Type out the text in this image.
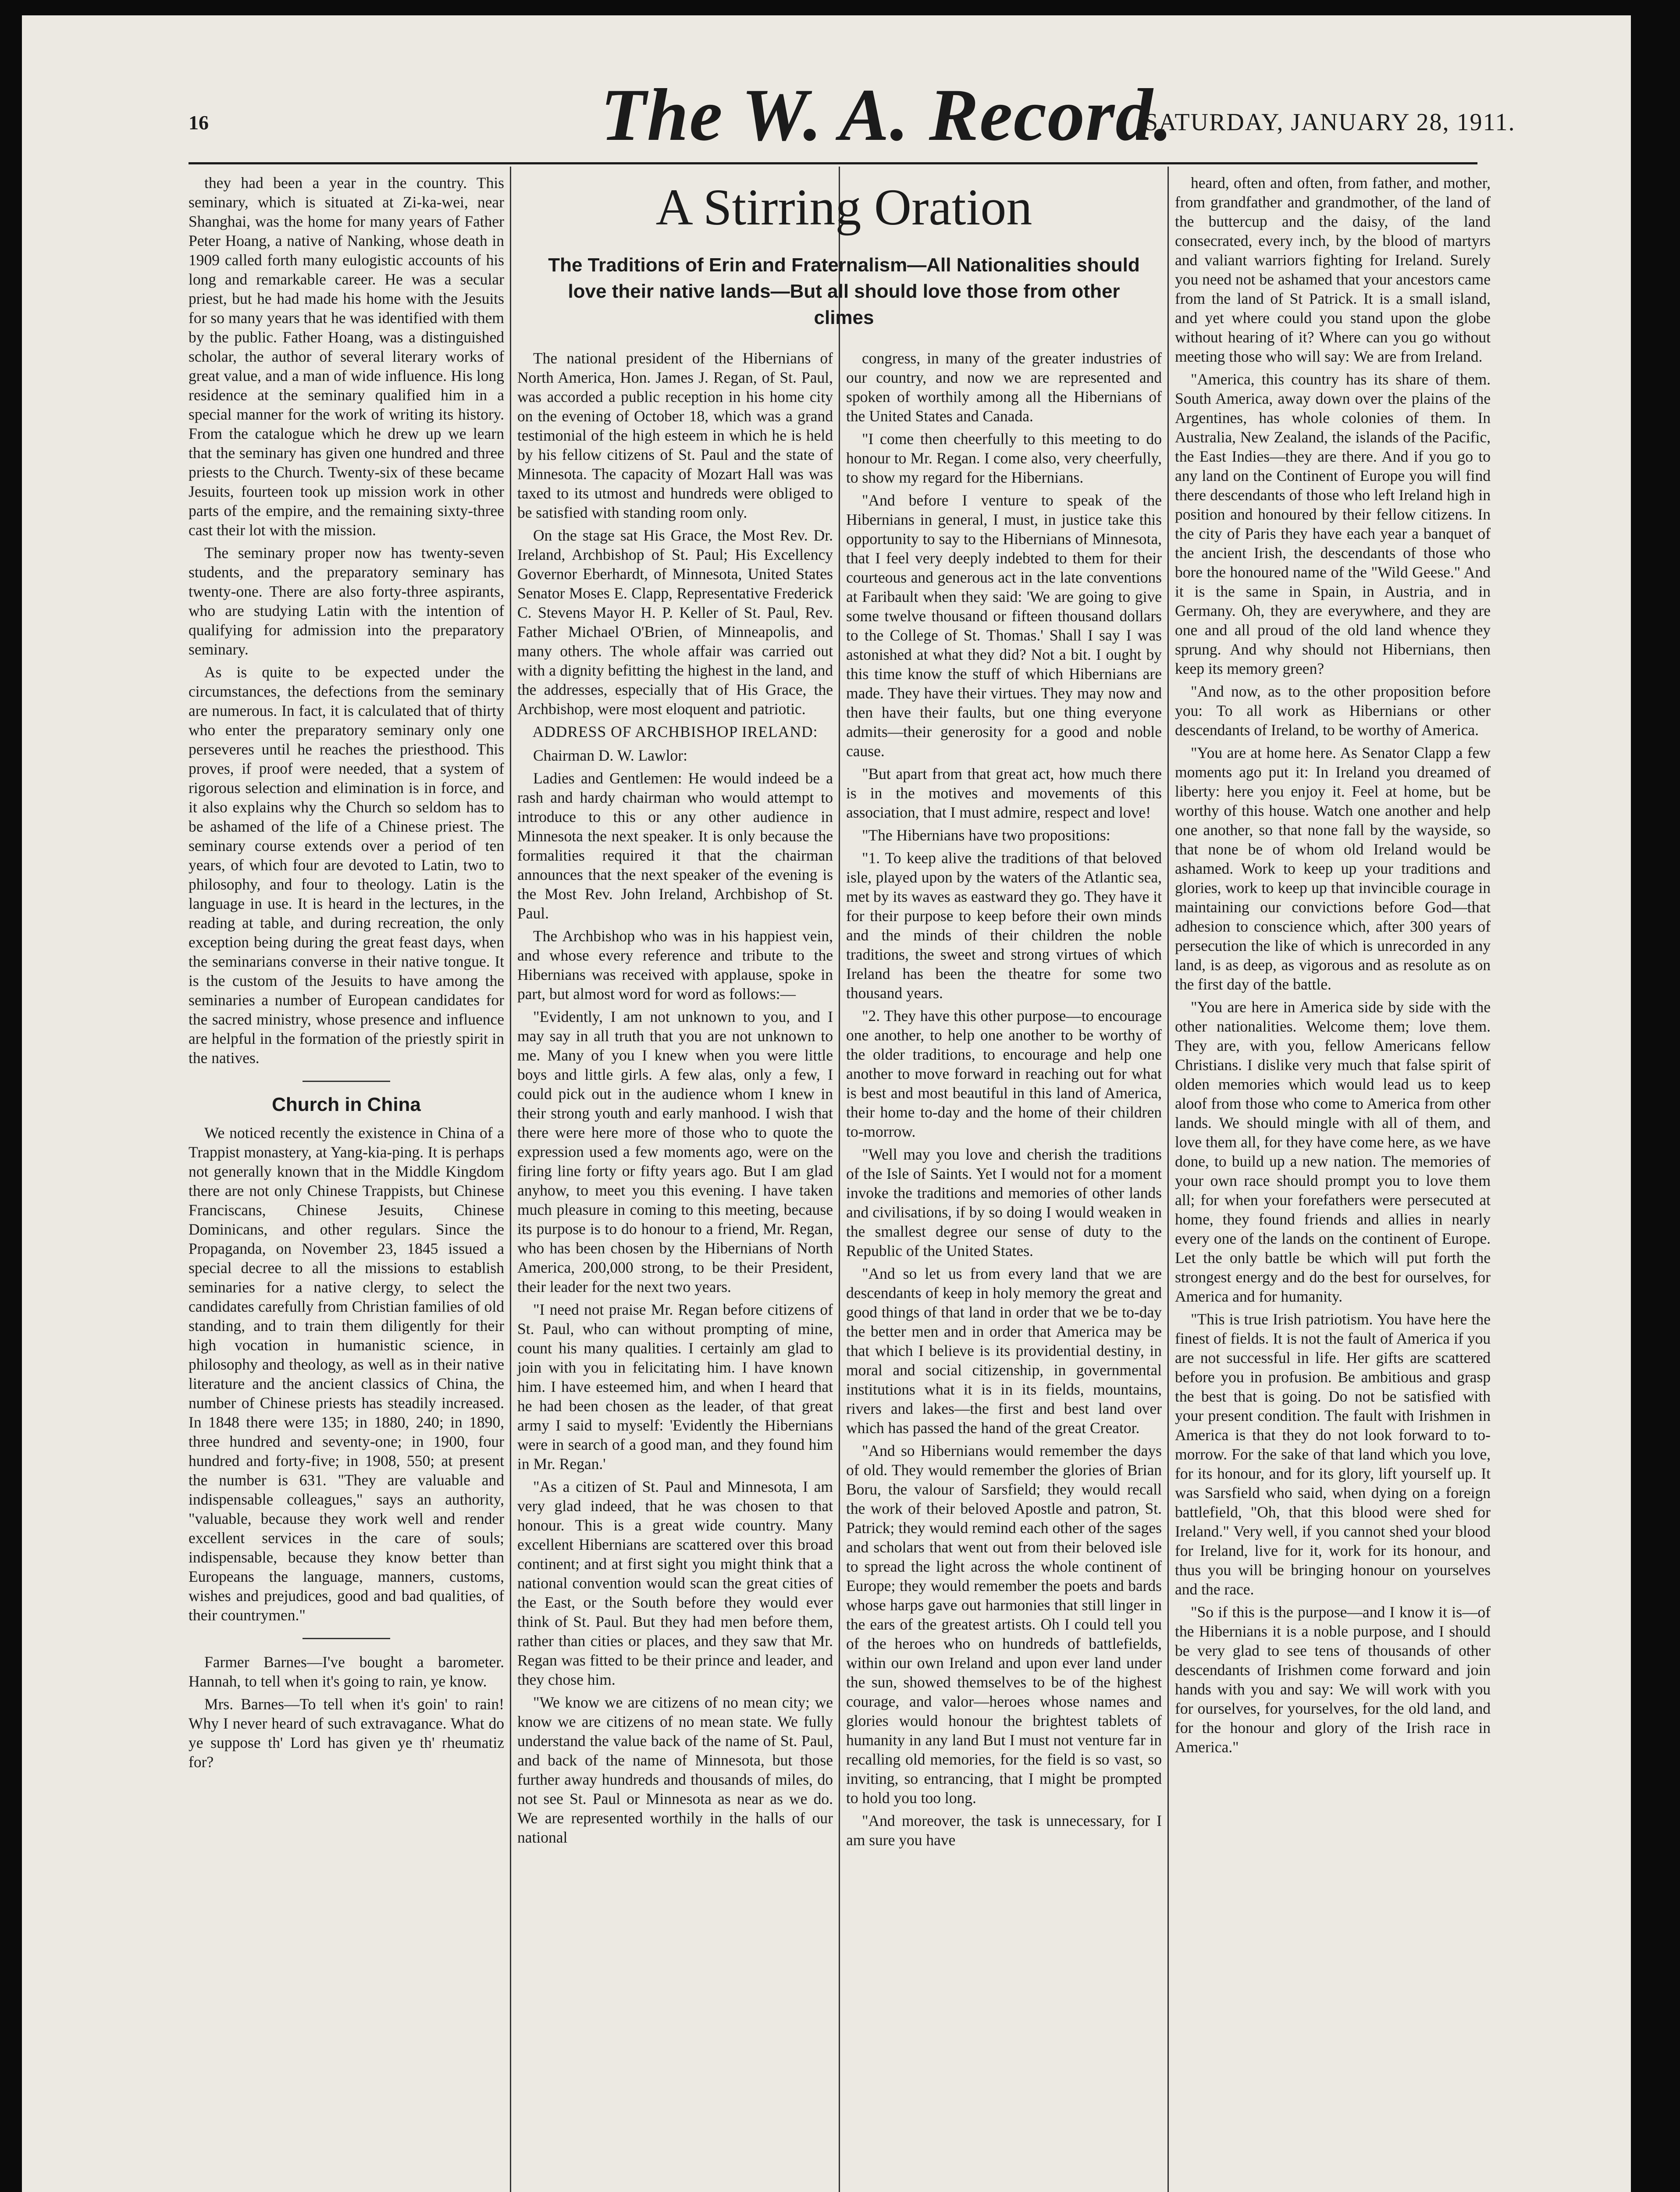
16	The W. A. Record.
SATURDAY, JANUARY 28, 1911.

they had been a year in the country. This seminary, which is situated at Zi-ka-wei, near Shanghai, was the home for many years of Father Peter Hoang, a native of Nanking, whose death in 1909 called forth many eulogistic accounts of his long and remarkable career. He was a secular priest, but he had made his home with the Jesuits for so many years that he was identified with them by the public. Father Hoang, was a distinguished scholar, the author of several literary works of great value, and a man of wide influence. His long residence at the seminary qualified him in a special manner for the work of writing its history. From the catalogue which he drew up we learn that the seminary has given one hundred and three priests to the Church. Twenty-six of these became Jesuits, fourteen took up mission work in other parts of the empire, and the remaining sixty-three cast their lot with the mission.

The seminary proper now has twenty-seven students, and the preparatory seminary has twenty-one. There are also forty-three aspirants, who are studying Latin with the intention of qualifying for admission into the preparatory seminary.

As is quite to be expected under the circumstances, the defections from the seminary are numerous. In fact, it is calculated that of thirty who enter the preparatory seminary only one perseveres until he reaches the priesthood. This proves, if proof were needed, that a system of rigorous selection and elimination is in force, and it also explains why the Church so seldom has to be ashamed of the life of a Chinese priest. The seminary course extends over a period of ten years, of which four are devoted to Latin, two to philosophy, and four to theology. Latin is the language in use. It is heard in the lectures, in the reading at table, and during recreation, the only exception being during the great feast days, when the seminarians converse in their native tongue. It is the custom of the Jesuits to have among the seminaries a number of European candidates for the sacred ministry, whose presence and influence are helpful in the formation of the priestly spirit in the natives.

Church in China

We noticed recently the existence in China of a Trappist monastery, at Yang-kia-ping. It is perhaps not generally known that in the Middle Kingdom there are not only Chinese Trappists, but Chinese Franciscans, Chinese Jesuits, Chinese Dominicans, and other regulars. Since the Propaganda, on November 23, 1845 issued a special decree to all the missions to establish seminaries for a native clergy, to select the candidates carefully from Christian families of old standing, and to train them diligently for their high vocation in humanistic science, in philosophy and theology, as well as in their native literature and the ancient classics of China, the number of Chinese priests has steadily increased. In 1848 there were 135; in 1880, 240; in 1890, three hundred and seventy-one; in 1900, four hundred and forty-five; in 1908, 550; at present the number is 631. "They are valuable and indispensable colleagues," says an authority, "valuable, because they work well and render excellent services in the care of souls; indispensable, because they know better than Europeans the language, manners, customs, wishes and prejudices, good and bad qualities, of their countrymen."

Farmer Barnes—I've bought a barometer. Hannah, to tell when it's going to rain, ye know.

Mrs. Barnes—To tell when it's goin' to rain! Why I never heard of such extravagance. What do ye suppose th' Lord has given ye th' rheumatiz for?

A Stirring Oration
The Traditions of Erin and Fraternalism—All Nationalities should love their native lands—But all should love those from other climes

The national president of the Hibernians of North America, Hon. James J. Regan, of St. Paul, was accorded a public reception in his home city on the evening of October 18, which was a grand testimonial of the high esteem in which he is held by his fellow citizens of St. Paul and the state of Minnesota. The capacity of Mozart Hall was was taxed to its utmost and hundreds were obliged to be satisfied with standing room only.

On the stage sat His Grace, the Most Rev. Dr. Ireland, Archbishop of St. Paul; His Excellency Governor Eberhardt, of Minnesota, United States Senator Moses E. Clapp, Representative Frederick C. Stevens Mayor H. P. Keller of St. Paul, Rev. Father Michael O'Brien, of Minneapolis, and many others. The whole affair was carried out with a dignity befitting the highest in the land, and the addresses, especially that of His Grace, the Archbishop, were most eloquent and patriotic.

ADDRESS OF ARCHBISHOP IRELAND:

Chairman D. W. Lawlor:

Ladies and Gentlemen: He would indeed be a rash and hardy chairman who would attempt to introduce to this or any other audience in Minnesota the next speaker. It is only because the formalities required it that the chairman announces that the next speaker of the evening is the Most Rev. John Ireland, Archbishop of St. Paul.

The Archbishop who was in his happiest vein, and whose every reference and tribute to the Hibernians was received with applause, spoke in part, but almost word for word as follows:—

"Evidently, I am not unknown to you, and I may say in all truth that you are not unknown to me. Many of you I knew when you were little boys and little girls. A few alas, only a few, I could pick out in the audience whom I knew in their strong youth and early manhood. I wish that there were here more of those who to quote the expression used a few moments ago, were on the firing line forty or fifty years ago. But I am glad anyhow, to meet you this evening. I have taken much pleasure in coming to this meeting, because its purpose is to do honour to a friend, Mr. Regan, who has been chosen by the Hibernians of North America, 200,000 strong, to be their President, their leader for the next two years.

"I need not praise Mr. Regan before citizens of St. Paul, who can without prompting of mine, count his many qualities. I certainly am glad to join with you in felicitating him. I have known him. I have esteemed him, and when I heard that he had been chosen as the leader, of that great army I said to myself: 'Evidently the Hibernians were in search of a good man, and they found him in Mr. Regan.'

"As a citizen of St. Paul and Minnesota, I am very glad indeed, that he was chosen to that honour. This is a great wide country. Many excellent Hibernians are scattered over this broad continent; and at first sight you might think that a national convention would scan the great cities of the East, or the South before they would ever think of St. Paul. But they had men before them, rather than cities or places, and they saw that Mr. Regan was fitted to be their prince and leader, and they chose him.

"We know we are citizens of no mean city; we know we are citizens of no mean state. We fully understand the value back of the name of St. Paul, and back of the name of Minnesota, but those further away hundreds and thousands of miles, do not see St. Paul or Minnesota as near as we do. We are represented worthily in the halls of our national

congress, in many of the greater industries of our country, and now we are represented and spoken of worthily among all the Hibernians of the United States and Canada.

"I come then cheerfully to this meeting to do honour to Mr. Regan. I come also, very cheerfully, to show my regard for the Hibernians.

"And before I venture to speak of the Hibernians in general, I must, in justice take this opportunity to say to the Hibernians of Minnesota, that I feel very deeply indebted to them for their courteous and generous act in the late conventions at Faribault when they said: 'We are going to give some twelve thousand or fifteen thousand dollars to the College of St. Thomas.' Shall I say I was astonished at what they did? Not a bit. I ought by this time know the stuff of which Hibernians are made. They have their virtues. They may now and then have their faults, but one thing everyone admits—their generosity for a good and noble cause.

"But apart from that great act, how much there is in the motives and movements of this association, that I must admire, respect and love!

"The Hibernians have two propositions:

"1. To keep alive the traditions of that beloved isle, played upon by the waters of the Atlantic sea, met by its waves as eastward they go. They have it for their purpose to keep before their own minds and the minds of their children the noble traditions, the sweet and strong virtues of which Ireland has been the theatre for some two thousand years.

"2. They have this other purpose—to encourage one another, to help one another to be worthy of the older traditions, to encourage and help one another to move forward in reaching out for what is best and most beautiful in this land of America, their home to-day and the home of their children to-morrow.

"Well may you love and cherish the traditions of the Isle of Saints. Yet I would not for a moment invoke the traditions and memories of other lands and civilisations, if by so doing I would weaken in the smallest degree our sense of duty to the Republic of the United States.

"And so let us from every land that we are descendants of keep in holy memory the great and good things of that land in order that we be to-day the better men and in order that America may be that which I believe is its providential destiny, in moral and social citizenship, in governmental institutions what it is in its fields, mountains, rivers and lakes—the first and best land over which has passed the hand of the great Creator.

"And so Hibernians would remember the days of old. They would remember the glories of Brian Boru, the valour of Sarsfield; they would recall the work of their beloved Apostle and patron, St. Patrick; they would remind each other of the sages and scholars that went out from their beloved isle to spread the light across the whole continent of Europe; they would remember the poets and bards whose harps gave out harmonies that still linger in the ears of the greatest artists. Oh I could tell you of the heroes who on hundreds of battlefields, within our own Ireland and upon ever land under the sun, showed themselves to be of the highest courage, and valor—heroes whose names and glories would honour the brightest tablets of humanity in any land But I must not venture far in recalling old memories, for the field is so vast, so inviting, so entrancing, that I might be prompted to hold you too long.

"And moreover, the task is unnecessary, for I am sure you have

heard, often and often, from father, and mother, from grandfather and grandmother, of the land of the buttercup and the daisy, of the land consecrated, every inch, by the blood of martyrs and valiant warriors fighting for Ireland. Surely you need not be ashamed that your ancestors came from the land of St Patrick. It is a small island, and yet where could you stand upon the globe without hearing of it? Where can you go without meeting those who will say: We are from Ireland.

"America, this country has its share of them. South America, away down over the plains of the Argentines, has whole colonies of them. In Australia, New Zealand, the islands of the Pacific, the East Indies—they are there. And if you go to any land on the Continent of Europe you will find there descendants of those who left Ireland high in position and honoured by their fellow citizens. In the city of Paris they have each year a banquet of the ancient Irish, the descendants of those who bore the honoured name of the "Wild Geese." And it is the same in Spain, in Austria, and in Germany. Oh, they are everywhere, and they are one and all proud of the old land whence they sprung. And why should not Hibernians, then keep its memory green?

"And now, as to the other proposition before you: To all work as Hibernians or other descendants of Ireland, to be worthy of America.

"You are at home here. As Senator Clapp a few moments ago put it: In Ireland you dreamed of liberty: here you enjoy it. Feel at home, but be worthy of this house. Watch one another and help one another, so that none fall by the wayside, so that none be of whom old Ireland would be ashamed. Work to keep up your traditions and glories, work to keep up that invincible courage in maintaining our convictions before God—that adhesion to conscience which, after 300 years of persecution the like of which is unrecorded in any land, is as deep, as vigorous and as resolute as on the first day of the battle.

"You are here in America side by side with the other nationalities. Welcome them; love them. They are, with you, fellow Americans fellow Christians. I dislike very much that false spirit of olden memories which would lead us to keep aloof from those who come to America from other lands. We should mingle with all of them, and love them all, for they have come here, as we have done, to build up a new nation. The memories of your own race should prompt you to love them all; for when your forefathers were persecuted at home, they found friends and allies in nearly every one of the lands on the continent of Europe. Let the only battle be which will put forth the strongest energy and do the best for ourselves, for America and for humanity.

"This is true Irish patriotism. You have here the finest of fields. It is not the fault of America if you are not successful in life. Her gifts are scattered before you in profusion. Be ambitious and grasp the best that is going. Do not be satisfied with your present condition. The fault with Irishmen in America is that they do not look forward to to-morrow. For the sake of that land which you love, for its honour, and for its glory, lift yourself up. It was Sarsfield who said, when dying on a foreign battlefield, "Oh, that this blood were shed for Ireland." Very well, if you cannot shed your blood for Ireland, live for it, work for its honour, and thus you will be bringing honour on yourselves and the race.

"So if this is the purpose—and I know it is—of the Hibernians it is a noble purpose, and I should be very glad to see tens of thousands of other descendants of Irishmen come forward and join hands with you and say: We will work with you for ourselves, for yourselves, for the old land, and for the honour and glory of the Irish race in America."
